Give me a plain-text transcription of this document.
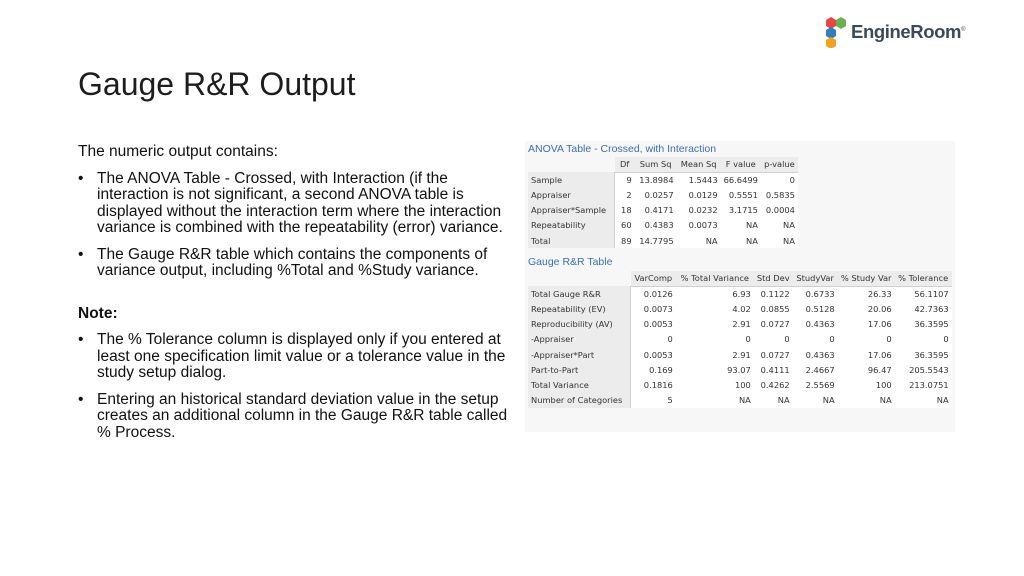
EngineRoom®
Gauge R&R Output

The numeric output contains:

• The ANOVA Table - Crossed, with Interaction (if the interaction is not significant, a second ANOVA table is displayed without the interaction term where the interaction variance is combined with the repeatability (error) variance.
• The Gauge R&R table which contains the components of variance output, including %Total and %Study variance.

Note:

• The % Tolerance column is displayed only if you entered at least one specification limit value or a tolerance value in the study setup dialog.
• Entering an historical standard deviation value in the setup creates an additional column in the Gauge R&R table called % Process.
ANOVA Table - Crossed, with Interaction
	Df	Sum Sq	Mean Sq	F value	p-value
Sample	9	13.8984	1.5443	66.6499	0
Appraiser	2	0.0257	0.0129	0.5551	0.5835
Appraiser*Sample	18	0.4171	0.0232	3.1715	0.0004
Repeatability	60	0.4383	0.0073	NA	NA
Total	89	14.7795	NA	NA	NA
Gauge R&R Table
	VarComp	% Total Variance	Std Dev	StudyVar	% Study Var	% Tolerance
Total Gauge R&R	0.0126	6.93	0.1122	0.6733	26.33	56.1107
Repeatability (EV)	0.0073	4.02	0.0855	0.5128	20.06	42.7363
Reproducibility (AV)	0.0053	2.91	0.0727	0.4363	17.06	36.3595
-Appraiser	0	0	0	0	0	0
-Appraiser*Part	0.0053	2.91	0.0727	0.4363	17.06	36.3595
Part-to-Part	0.169	93.07	0.4111	2.4667	96.47	205.5543
Total Variance	0.1816	100	0.4262	2.5569	100	213.0751
Number of Categories	5	NA	NA	NA	NA	NA
